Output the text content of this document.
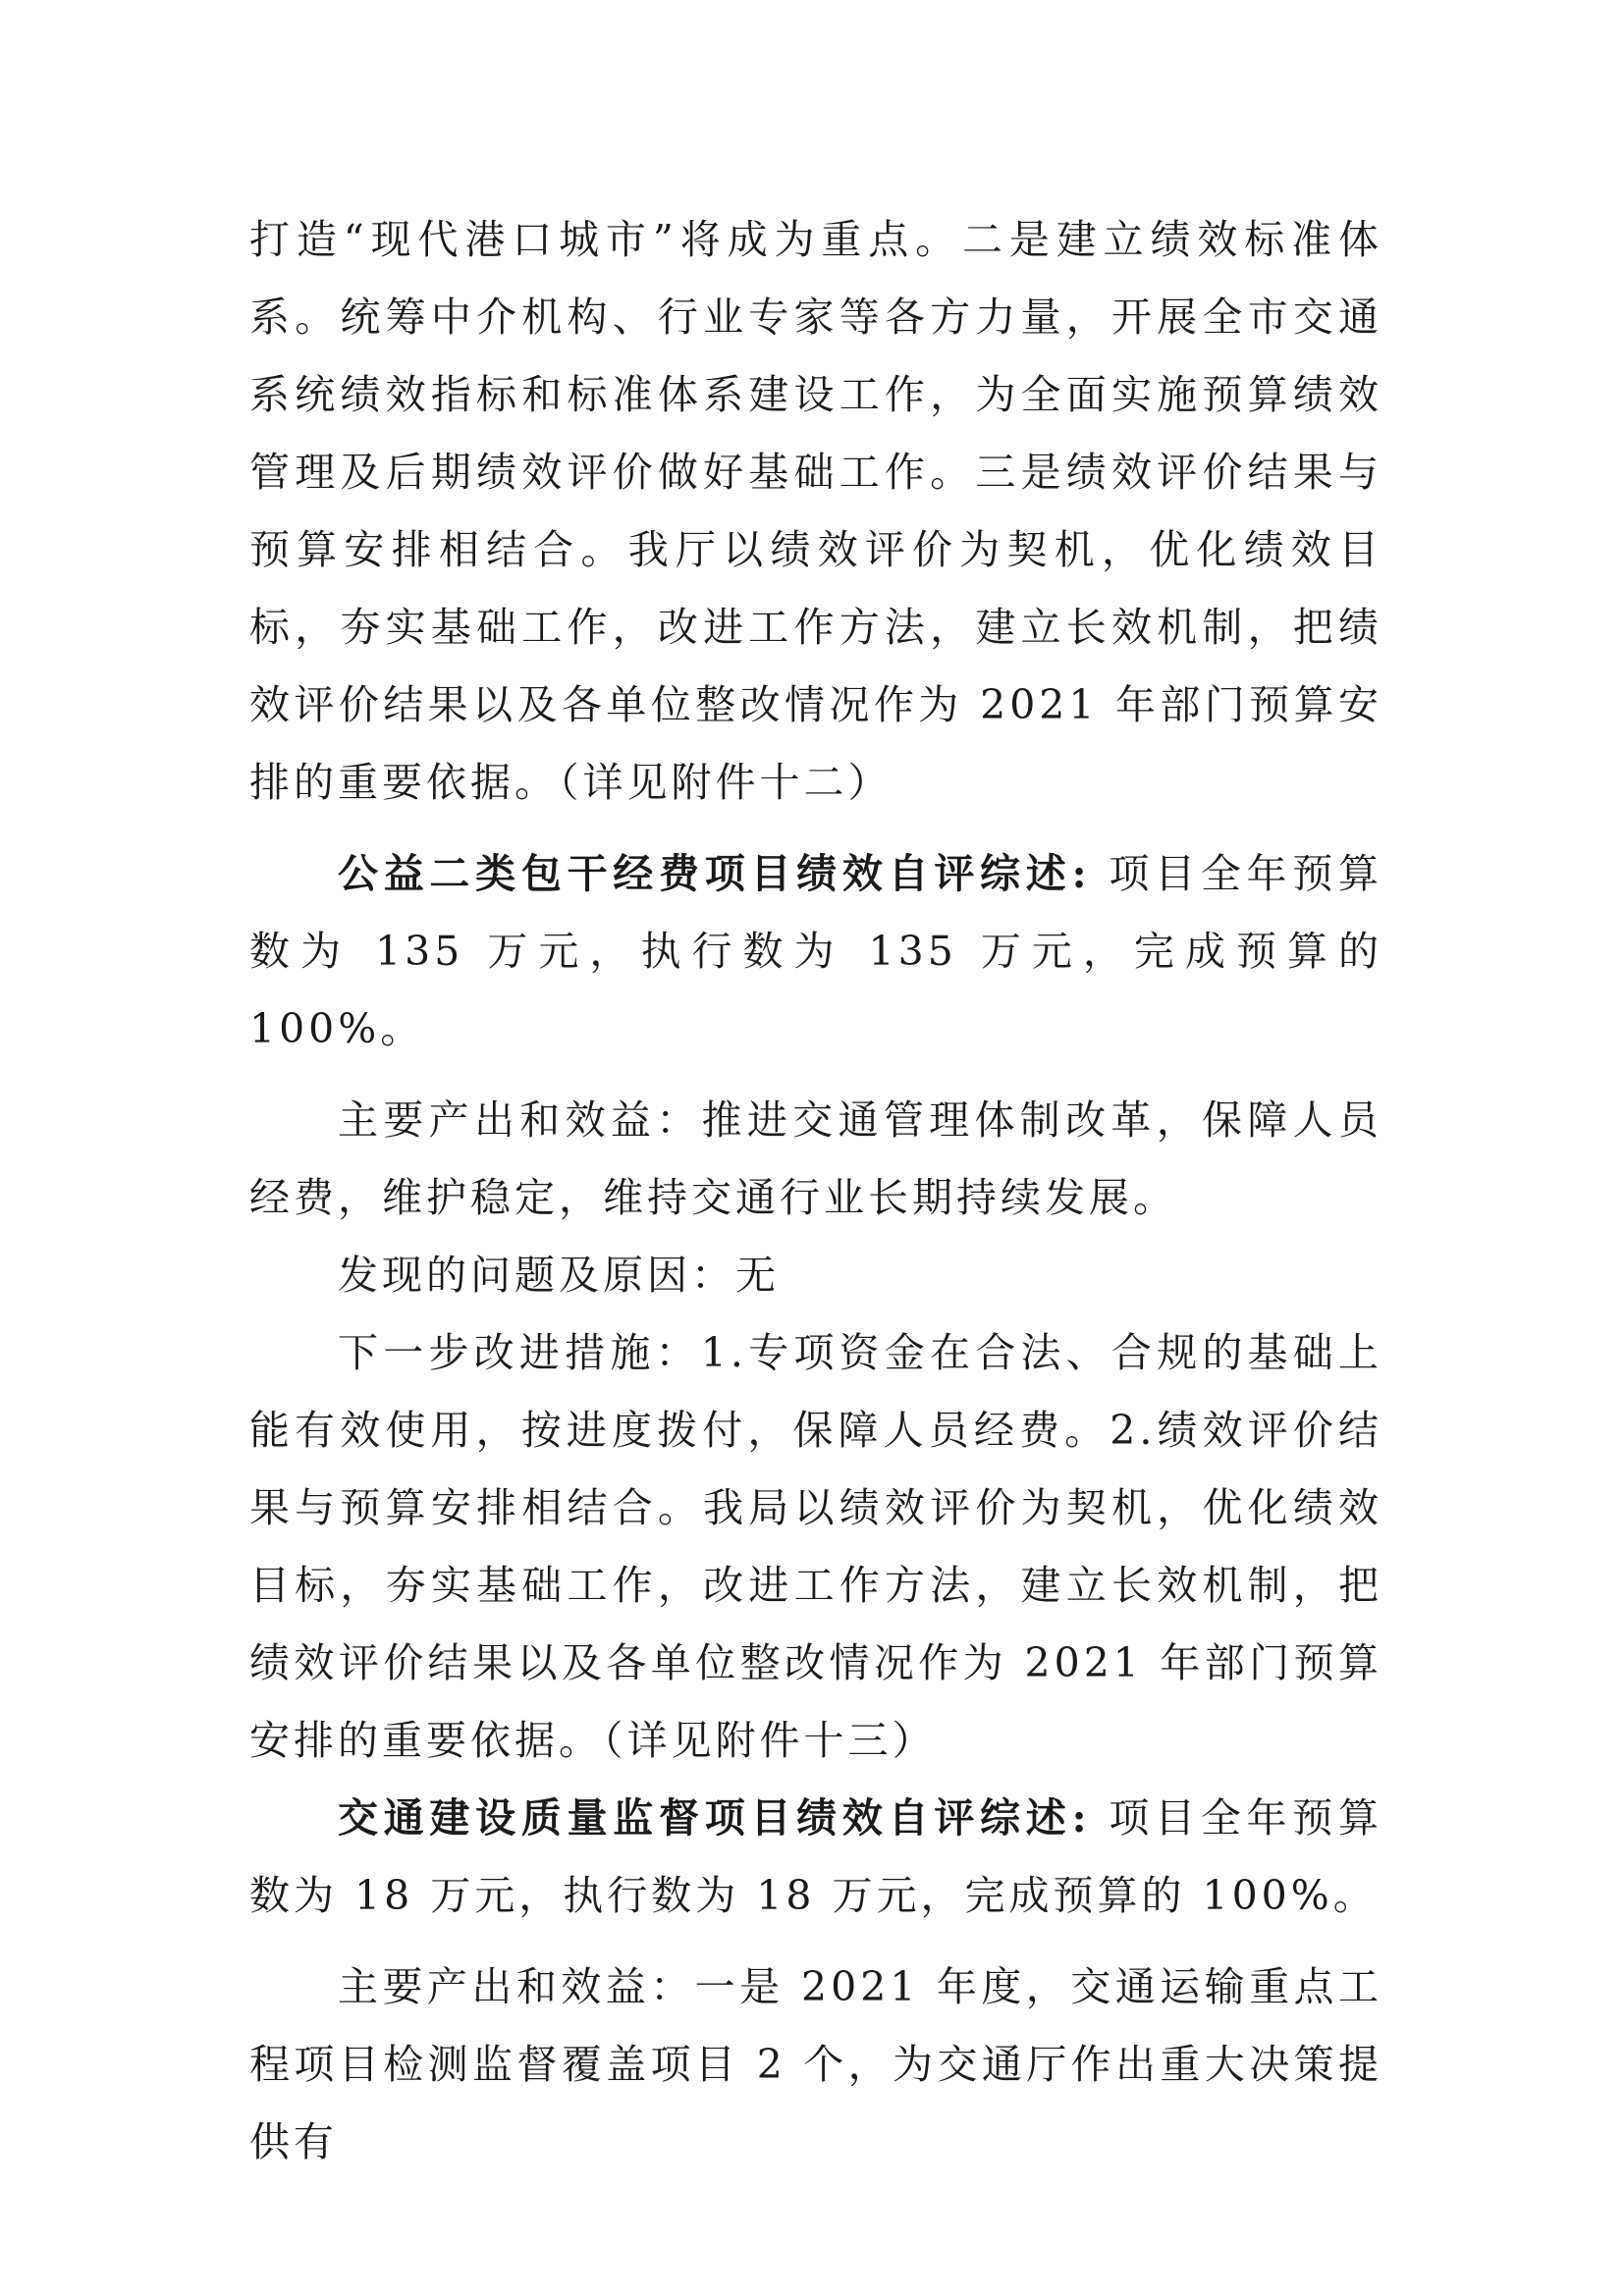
打造“现代港口城市”将成为重点。二是建立绩效标准体系。统筹中介机构、行业专家等各方力量，开展全市交通系统绩效指标和标准体系建设工作，为全面实施预算绩效管理及后期绩效评价做好基础工作。三是绩效评价结果与预算安排相结合。我厅以绩效评价为契机，优化绩效目标，夯实基础工作，改进工作方法，建立长效机制，把绩效评价结果以及各单位整改情况作为 2021 年部门预算安排的重要依据。（详见附件十二）

公益二类包干经费项目绩效自评综述: 项目全年预算数为 135 万元，执行数为 135 万元，完成预算的 100%。

主要产出和效益：推进交通管理体制改革，保障人员经费，维护稳定，维持交通行业长期持续发展。

发现的问题及原因：无

下一步改进措施：1.专项资金在合法、合规的基础上能有效使用，按进度拨付，保障人员经费。2.绩效评价结果与预算安排相结合。我局以绩效评价为契机，优化绩效目标，夯实基础工作，改进工作方法，建立长效机制，把绩效评价结果以及各单位整改情况作为 2021 年部门预算安排的重要依据。（详见附件十三）

交通建设质量监督项目绩效自评综述: 项目全年预算数为 18 万元，执行数为 18 万元，完成预算的 100%。

主要产出和效益：一是 2021 年度，交通运输重点工程项目检测监督覆盖项目 2 个，为交通厅作出重大决策提供有
